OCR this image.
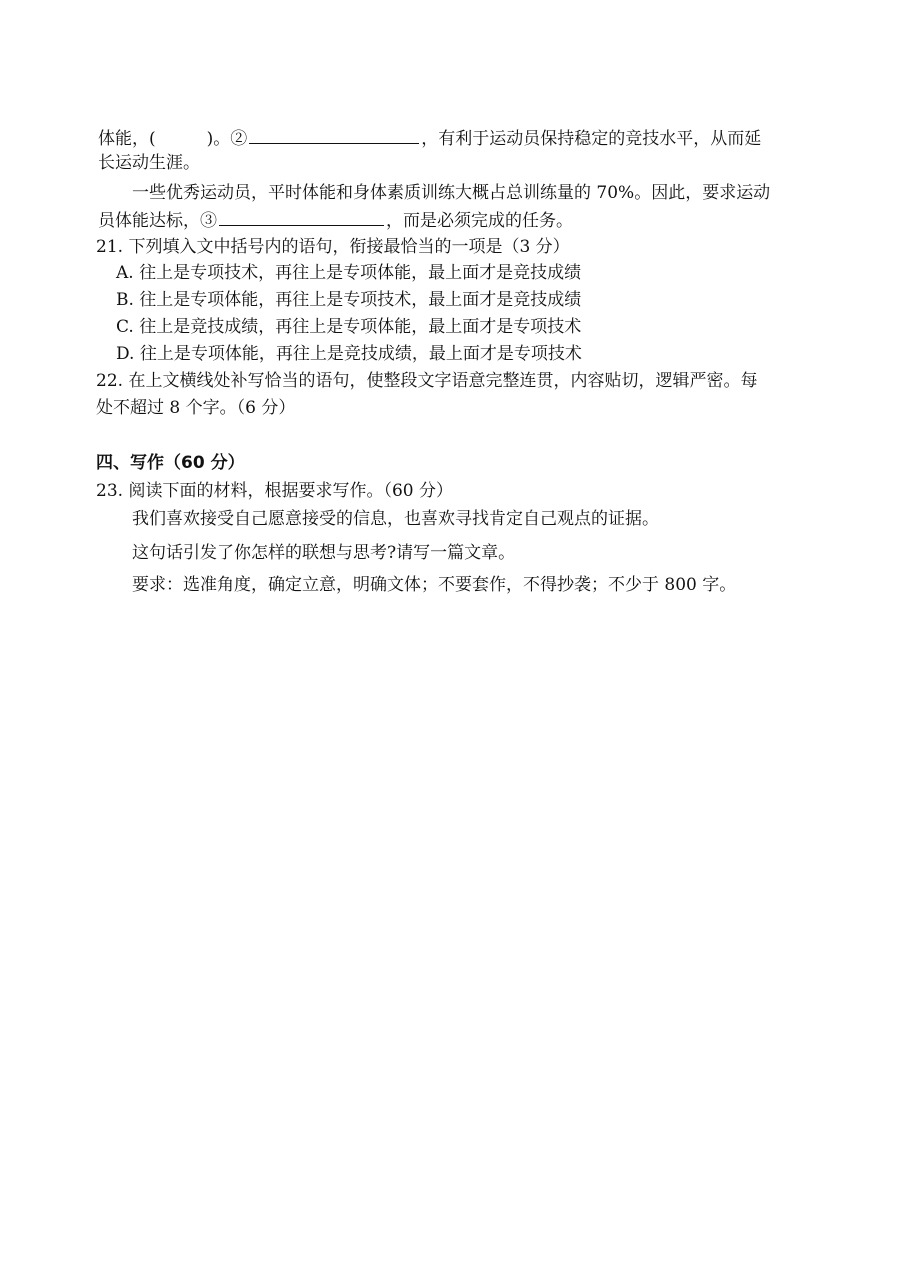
体能，(　　　)。②	，有利于运动员保持稳定的竞技水平，从而延
长运动生涯。
一些优秀运动员，平时体能和身体素质训练大概占总训练量的 70%。因此，要求运动
员体能达标，③	，而是必须完成的任务。
21. 下列填入文中括号内的语句，衔接最恰当的一项是（3 分）
A. 往上是专项技术，再往上是专项体能，最上面才是竞技成绩
B. 往上是专项体能，再往上是专项技术，最上面才是竞技成绩
C. 往上是竞技成绩，再往上是专项体能，最上面才是专项技术
D. 往上是专项体能，再往上是竞技成绩，最上面才是专项技术
22. 在上文横线处补写恰当的语句，使整段文字语意完整连贯，内容贴切，逻辑严密。每
处不超过 8 个字。（6 分）
四、写作（60 分）
23. 阅读下面的材料，根据要求写作。（60 分）
我们喜欢接受自己愿意接受的信息，也喜欢寻找肯定自己观点的证据。
这句话引发了你怎样的联想与思考?请写一篇文章。
要求：选准角度，确定立意，明确文体；不要套作，不得抄袭；不少于 800 字。
